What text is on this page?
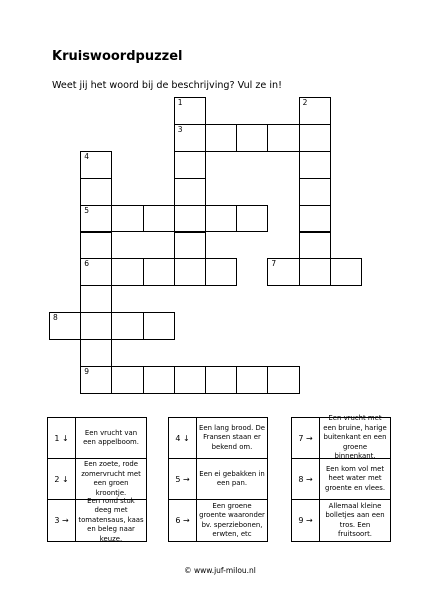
Kruiswoordpuzzel
Weet jij het woord bij de beschrijving? Vul ze in!
1	2
3
4
5
6	7
8
9
1 ↓
Een vrucht van een appelboom.
2 ↓
Een zoete, rode zomervrucht met een groen kroontje.
3 →
Een rond stuk deeg met tomatensaus, kaas en beleg naar keuze.
4 ↓
Een lang brood. De Fransen staan er bekend om.
5 →
Een ei gebakken in een pan.
6 →
Een groene groente waaronder bv. sperziebonen, erwten, etc
7 →
Een vrucht met een bruine, harige buitenkant en een groene binnenkant.
8 →
Een kom vol met heet water met groente en vlees.
9 →
Allemaal kleine bolletjes aan een tros. Een fruitsoort.
© www.juf-milou.nl
